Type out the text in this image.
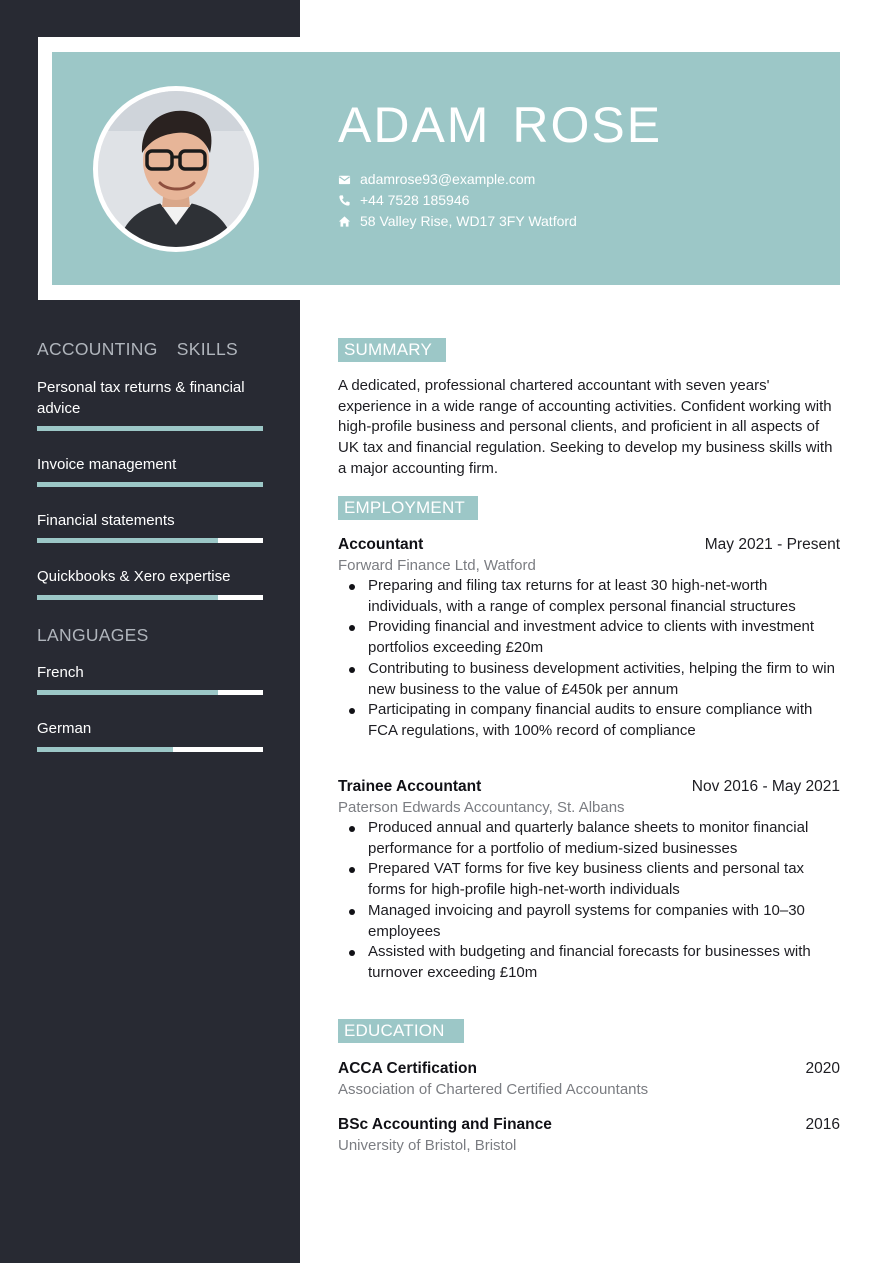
ADAM ROSE
adamrose93@example.com
+44 7528 185946
58 Valley Rise, WD17 3FY Watford
ACCOUNTING SKILLS
Personal tax returns & financial advice
Invoice management
Financial statements
Quickbooks & Xero expertise
LANGUAGES
French
German
SUMMARY
A dedicated, professional chartered accountant with seven years' experience in a wide range of accounting activities. Confident working with high-profile business and personal clients, and proficient in all aspects of UK tax and financial regulation. Seeking to develop my business skills with a major accounting firm.
EMPLOYMENT
Accountant	May 2021 - Present
Forward Finance Ltd, Watford
Preparing and filing tax returns for at least 30 high-net-worth individuals, with a range of complex personal financial structures
Providing financial and investment advice to clients with investment portfolios exceeding £20m
Contributing to business development activities, helping the firm to win new business to the value of £450k per annum
Participating in company financial audits to ensure compliance with FCA regulations, with 100% record of compliance
Trainee Accountant	Nov 2016 - May 2021
Paterson Edwards Accountancy, St. Albans
Produced annual and quarterly balance sheets to monitor financial performance for a portfolio of medium-sized businesses
Prepared VAT forms for five key business clients and personal tax forms for high-profile high-net-worth individuals
Managed invoicing and payroll systems for companies with 10–30 employees
Assisted with budgeting and financial forecasts for businesses with turnover exceeding £10m
EDUCATION
ACCA Certification	2020
Association of Chartered Certified Accountants
BSc Accounting and Finance	2016
University of Bristol, Bristol
